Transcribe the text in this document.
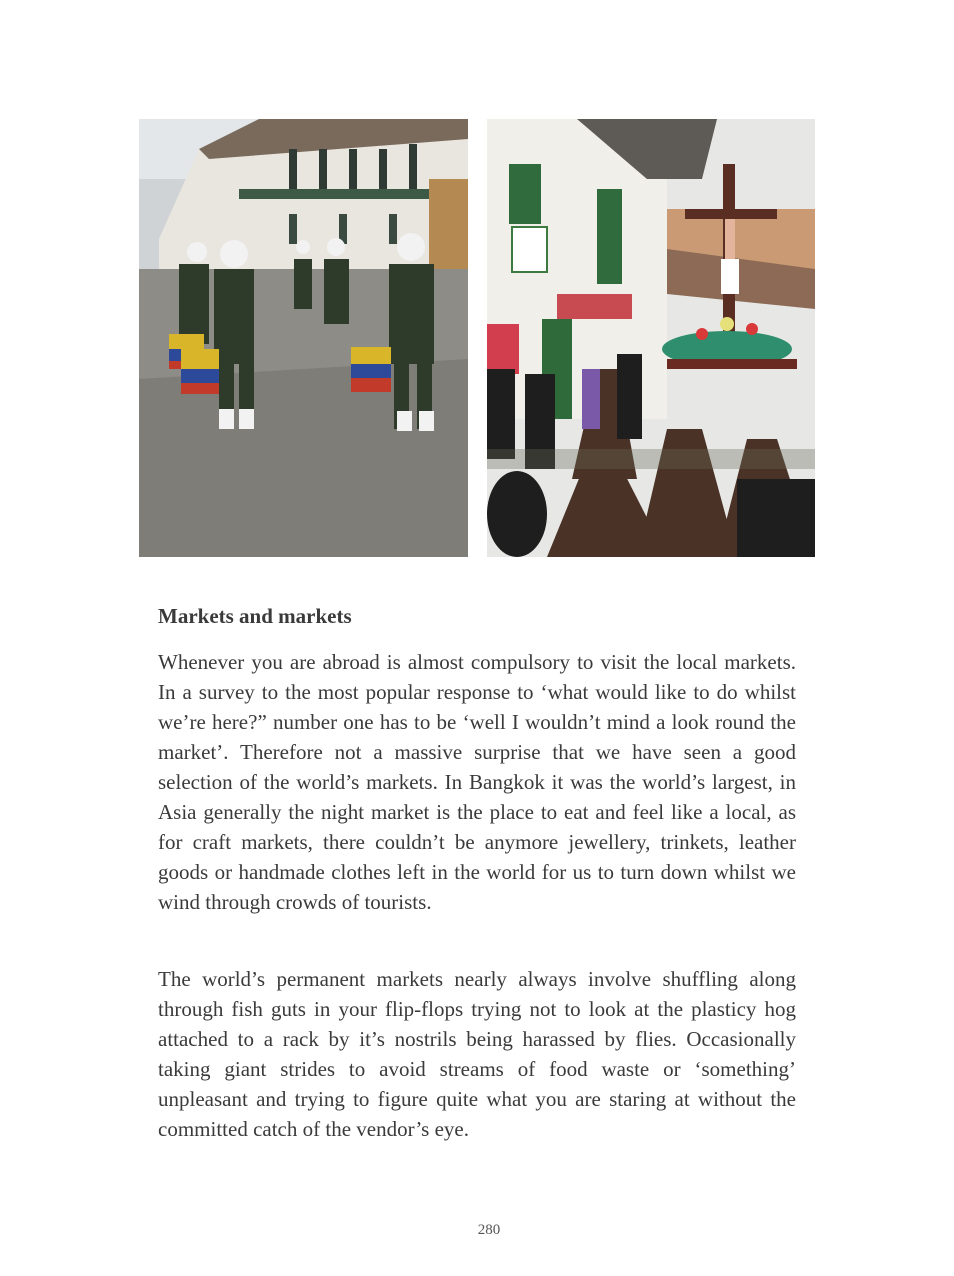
Markets and markets

Whenever you are abroad is almost compulsory to visit the local markets. In a survey to the most popular response to ‘what would like to do whilst we’re here?” number one has to be ‘well I wouldn’t mind a look round the market’. Therefore not a massive surprise that we have seen a good selection of the world’s markets. In Bangkok it was the world’s largest, in Asia generally the night market is the place to eat and feel like a local, as for craft markets, there couldn’t be anymore jewellery, trinkets, leather goods or handmade clothes left in the world for us to turn down whilst we wind through crowds of tourists.

The world’s permanent markets nearly always involve shuffling along through fish guts in your flip-flops trying not to look at the plasticy hog attached to a rack by it’s nostrils being harassed by flies. Occasionally taking giant strides to avoid streams of food waste or ‘something’ unpleasant and trying to figure quite what you are staring at without the committed catch of the vendor’s eye.

280
